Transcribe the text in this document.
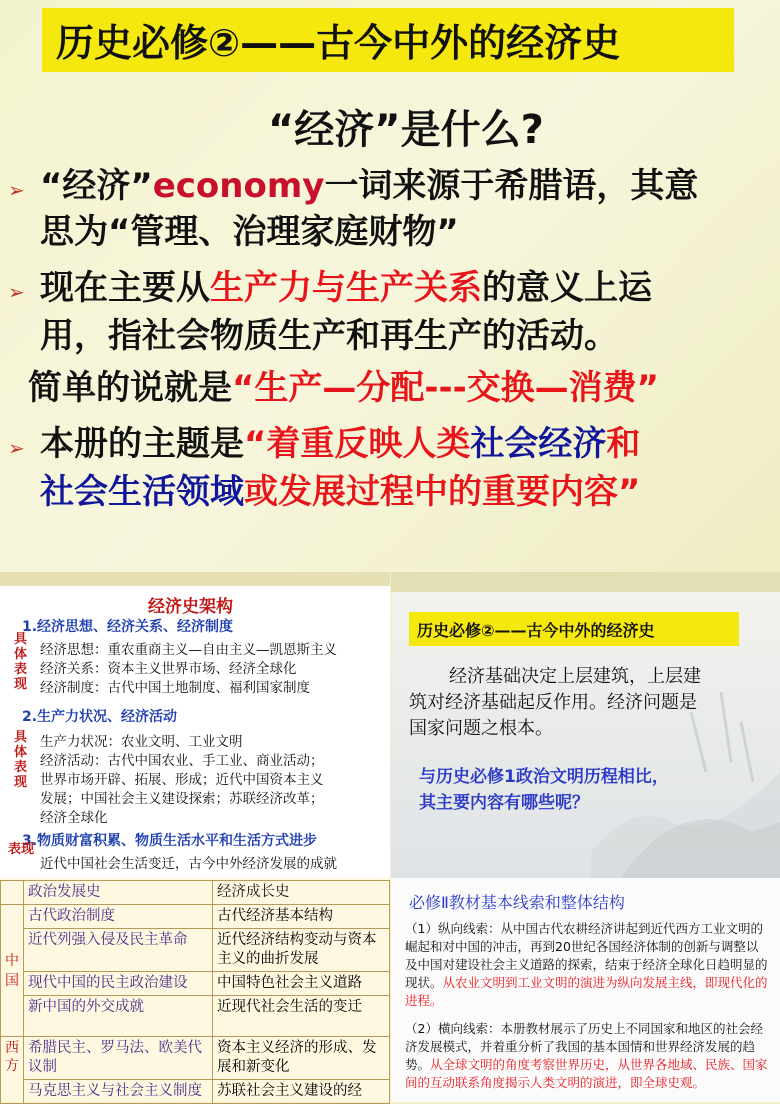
历史必修②——古今中外的经济史
“经济”是什么?
➢ “经济”economy一词来源于希腊语，其意
思为“管理、治理家庭财物”
➢ 现在主要从生产力与生产关系的意义上运
用，指社会物质生产和再生产的活动。
简单的说就是“生产—分配---交换—消费”
➢ 本册的主题是“着重反映人类社会经济和
社会生活领域或发展过程中的重要内容”
经济史架构
1.经济思想、经济关系、经济制度
具体表现
经济思想：重农重商主义—自由主义—凯恩斯主义
经济关系：资本主义世界市场、经济全球化
经济制度：古代中国土地制度、福利国家制度
2.生产力状况、经济活动
具体表现
生产力状况：农业文明、工业文明
经济活动：古代中国农业、手工业、商业活动；
世界市场开辟、拓展、形成；近代中国资本主义
发展；中国社会主义建设探索；苏联经济改革；
经济全球化
3.物质财富积累、物质生活水平和生活方式进步
表现
近代中国社会生活变迁，古今中外经济发展的成就
历史必修②——古今中外的经济史
经济基础决定上层建筑，上层建
筑对经济基础起反作用。经济问题是
国家问题之根本。
与历史必修1政治文明历程相比，
其主要内容有哪些呢？
	政治发展史	经济成长史
中国	古代政治制度	古代经济基本结构
	近代列强入侵及民主革命	近代经济结构变动与资本主义的曲折发展
	现代中国的民主政治建设	中国特色社会主义道路
	新中国的外交成就	近现代社会生活的变迁
西方	希腊民主、罗马法、欧美代议制	资本主义经济的形成、发展和新变化
	马克思主义与社会主义制度	苏联社会主义建设的经
必修Ⅱ教材基本线索和整体结构
（1）纵向线索：从中国古代农耕经济讲起到近代西方工业文明的崛起和对中国的冲击，再到20世纪各国经济体制的创新与调整以及中国对建设社会主义道路的探索，结束于经济全球化日趋明显的现状。从农业文明到工业文明的演进为纵向发展主线，即现代化的进程。
（2）横向线索：本册教材展示了历史上不同国家和地区的社会经济发展模式，并着重分析了我国的基本国情和世界经济发展的趋势。从全球文明的角度考察世界历史，从世界各地域、民族、国家间的互动联系角度揭示人类文明的演进，即全球史观。
